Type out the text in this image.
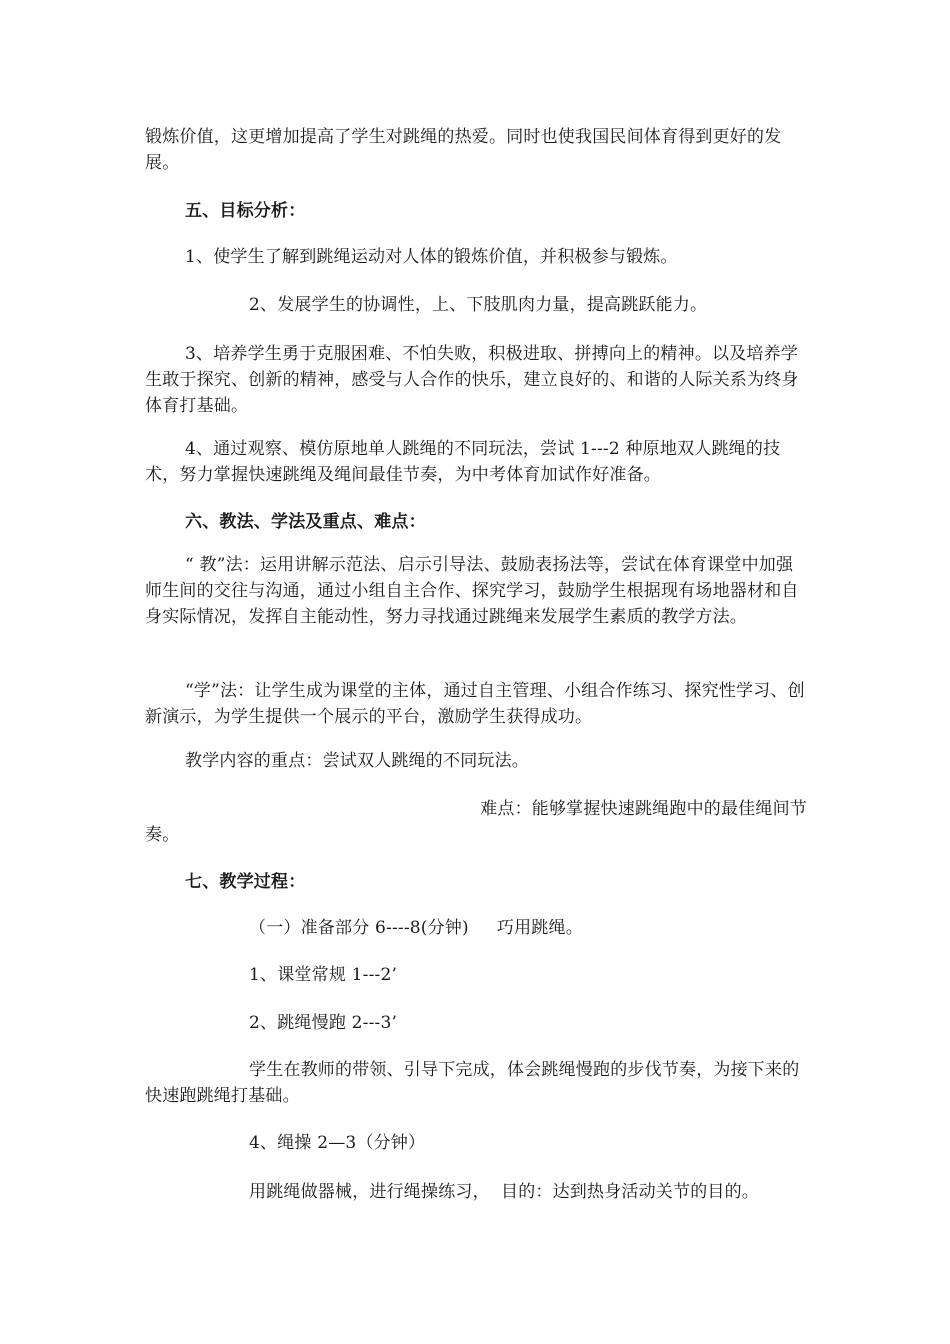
锻炼价值，这更增加提高了学生对跳绳的热爱。同时也使我国民间体育得到更好的发展。

五、目标分析：

1、使学生了解到跳绳运动对人体的锻炼价值，并积极参与锻炼。

2、发展学生的协调性，上、下肢肌肉力量，提高跳跃能力。

3、培养学生勇于克服困难、不怕失败，积极进取、拼搏向上的精神。以及培养学生敢于探究、创新的精神，感受与人合作的快乐，建立良好的、和谐的人际关系为终身体育打基础。

4、通过观察、模仿原地单人跳绳的不同玩法，尝试 1---2 种原地双人跳绳的技术，努力掌握快速跳绳及绳间最佳节奏，为中考体育加试作好准备。

六、教法、学法及重点、难点：

“ 教”法：运用讲解示范法、启示引导法、鼓励表扬法等，尝试在体育课堂中加强师生间的交往与沟通，通过小组自主合作、探究学习，鼓励学生根据现有场地器材和自身实际情况，发挥自主能动性，努力寻找通过跳绳来发展学生素质的教学方法。

“学”法：让学生成为课堂的主体，通过自主管理、小组合作练习、探究性学习、创新演示，为学生提供一个展示的平台，激励学生获得成功。

教学内容的重点：尝试双人跳绳的不同玩法。

难点：能够掌握快速跳绳跑中的最佳绳间节

奏。

七、教学过程：

（一）准备部分 6----8(分钟)     巧用跳绳。

1、课堂常规 1---2’

2、跳绳慢跑 2---3’

学生在教师的带领、引导下完成，体会跳绳慢跑的步伐节奏，为接下来的快速跑跳绳打基础。

4、绳操 2—3（分钟）

用跳绳做器械，进行绳操练习，  目的：达到热身活动关节的目的。
